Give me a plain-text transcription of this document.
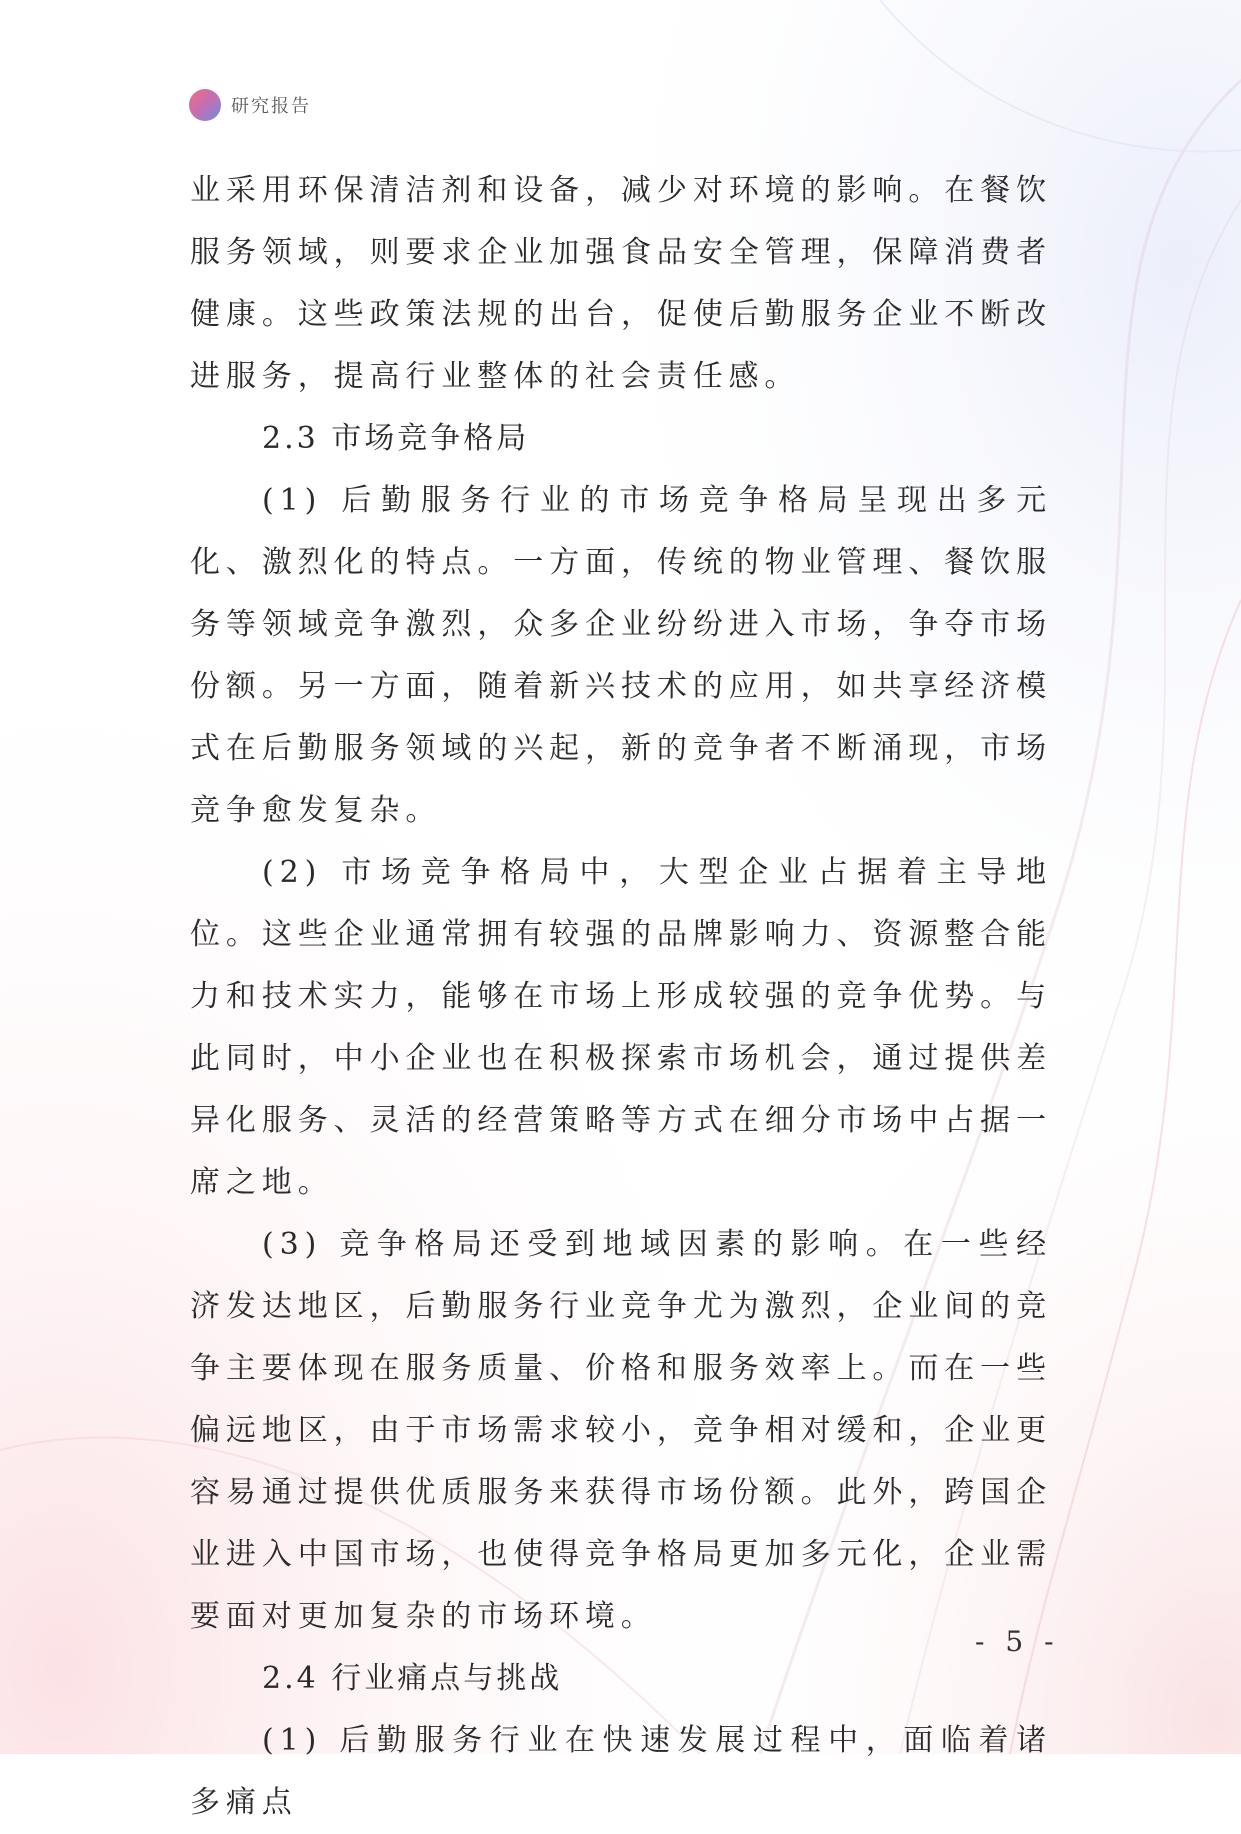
研究报告

业采用环保清洁剂和设备，减少对环境的影响。在餐饮服务领域，则要求企业加强食品安全管理，保障消费者健康。这些政策法规的出台，促使后勤服务企业不断改进服务，提高行业整体的社会责任感。

2.3 市场竞争格局

(1) 后勤服务行业的市场竞争格局呈现出多元化、激烈化的特点。一方面，传统的物业管理、餐饮服务等领域竞争激烈，众多企业纷纷进入市场，争夺市场份额。另一方面，随着新兴技术的应用，如共享经济模式在后勤服务领域的兴起，新的竞争者不断涌现，市场竞争愈发复杂。

(2) 市场竞争格局中，大型企业占据着主导地位。这些企业通常拥有较强的品牌影响力、资源整合能力和技术实力，能够在市场上形成较强的竞争优势。与此同时，中小企业也在积极探索市场机会，通过提供差异化服务、灵活的经营策略等方式在细分市场中占据一席之地。

(3) 竞争格局还受到地域因素的影响。在一些经济发达地区，后勤服务行业竞争尤为激烈，企业间的竞争主要体现在服务质量、价格和服务效率上。而在一些偏远地区，由于市场需求较小，竞争相对缓和，企业更容易通过提供优质服务来获得市场份额。此外，跨国企业进入中国市场，也使得竞争格局更加多元化，企业需要面对更加复杂的市场环境。

2.4 行业痛点与挑战

(1) 后勤服务行业在快速发展过程中，面临着诸多痛点

- 5 -
